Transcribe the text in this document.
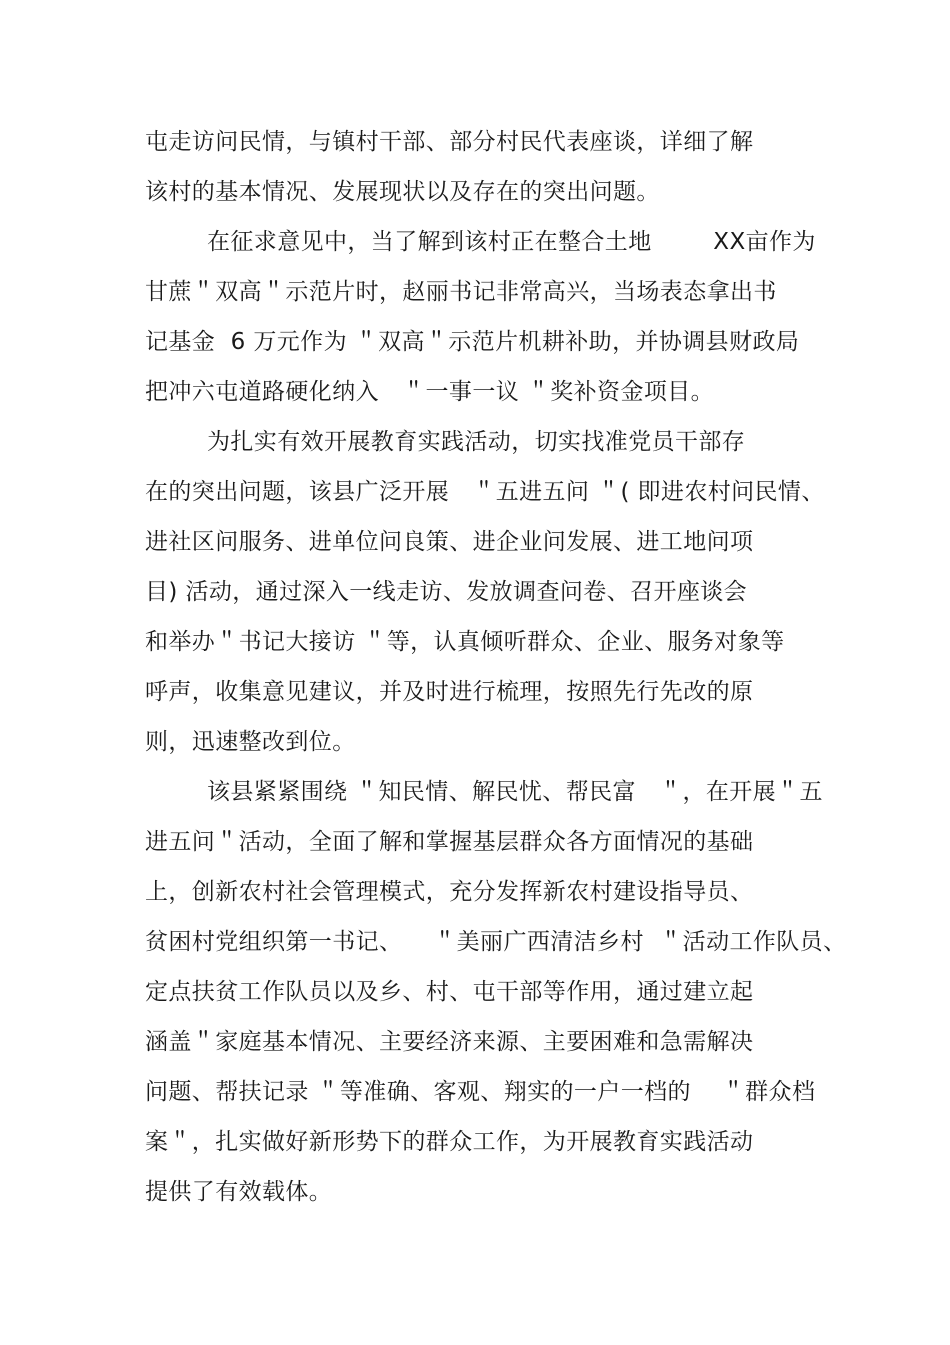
屯走访问民情，与镇村干部、部分村民代表座谈，详细了解
该村的基本情况、发展现状以及存在的突出问题。
在征求意见中，当了解到该村正在整合土地        XX亩作为
甘蔗＂双高＂示范片时，赵丽书记非常高兴，当场表态拿出书
记基金  6 万元作为 ＂双高＂示范片机耕补助，并协调县财政局
把冲六屯道路硬化纳入   ＂一事一议 ＂奖补资金项目。
为扎实有效开展教育实践活动，切实找准党员干部存
在的突出问题，该县广泛开展   ＂五进五问 ＂( 即进农村问民情、
进社区问服务、进单位问良策、进企业问发展、进工地问项
目) 活动，通过深入一线走访、发放调查问卷、召开座谈会
和举办＂书记大接访 ＂等，认真倾听群众、企业、服务对象等
呼声，收集意见建议，并及时进行梳理，按照先行先改的原
则，迅速整改到位。
该县紧紧围绕 ＂知民情、解民忧、帮民富   ＂，在开展＂五
进五问＂活动，全面了解和掌握基层群众各方面情况的基础
上，创新农村社会管理模式，充分发挥新农村建设指导员、
贫困村党组织第一书记、    ＂美丽广西清洁乡村  ＂活动工作队员、
定点扶贫工作队员以及乡、村、屯干部等作用，通过建立起
涵盖＂家庭基本情况、主要经济来源、主要困难和急需解决
问题、帮扶记录 ＂等准确、客观、翔实的一户一档的    ＂群众档
案＂，扎实做好新形势下的群众工作，为开展教育实践活动
提供了有效载体。
